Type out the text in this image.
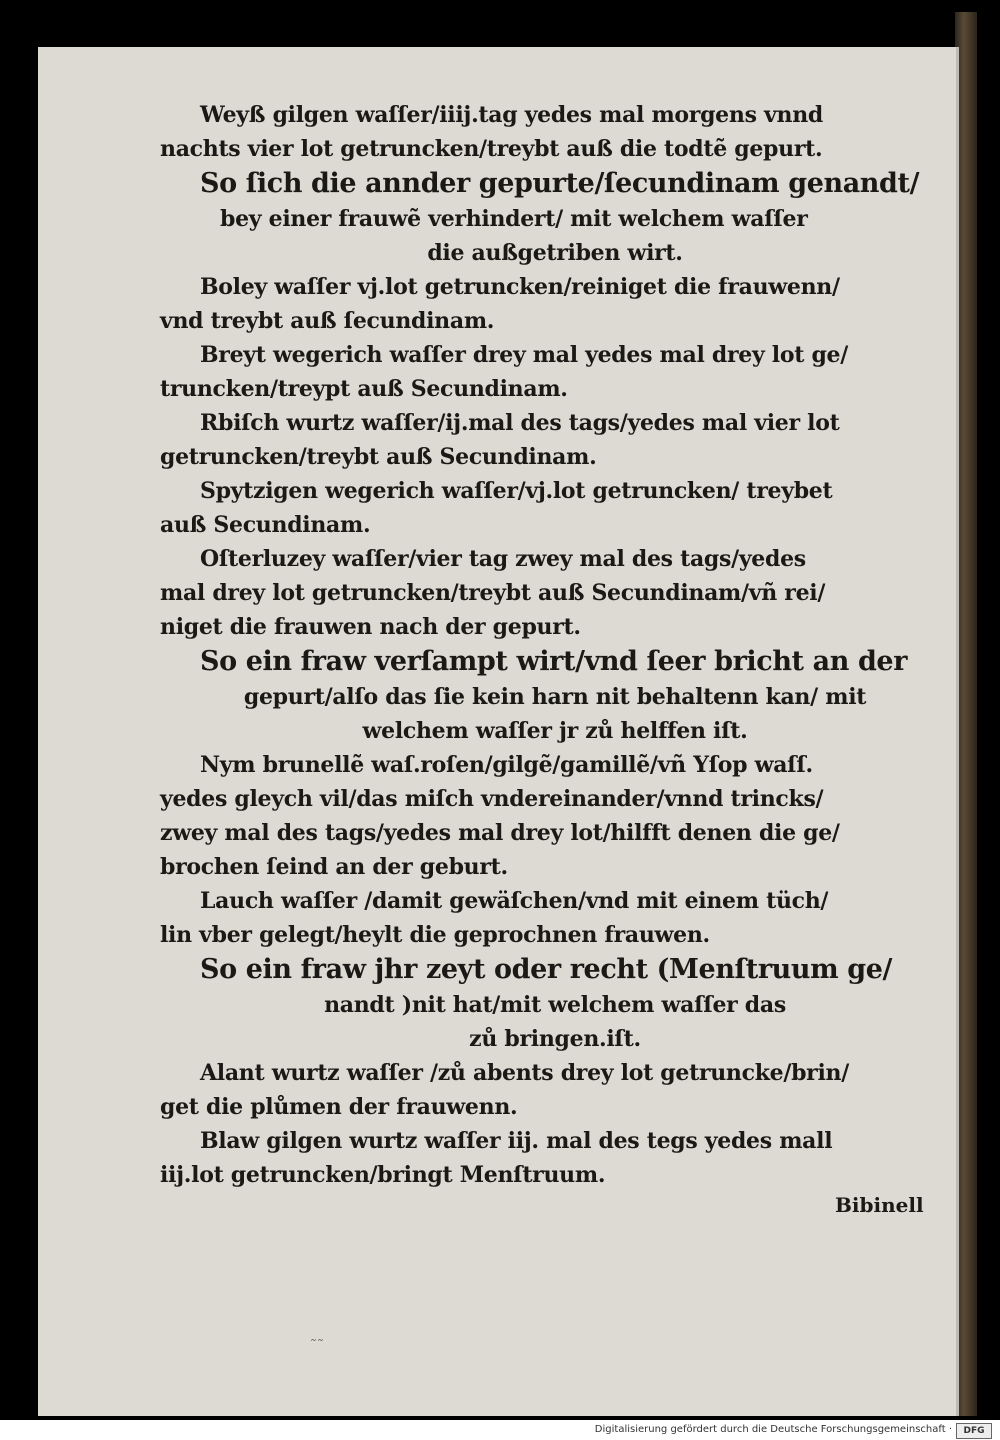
Weyß gilgen waſſer/iiij.tag yedes mal morgens vnnd
nachts vier lot getruncken/treybt auß die todtẽ gepurt.
So ſich die annder gepurte/ſecundinam genandt/
bey einer frauwẽ verhindert/ mit welchem waſſer
die außgetriben wirt.
Boley waſſer vj.lot getruncken/reiniget die frauwenn/
vnd treybt auß ſecundinam.
Breyt wegerich waſſer drey mal yedes mal drey lot ge/
truncken/treypt auß Secundinam.
Rbiſch wurtz waſſer/ij.mal des tags/yedes mal vier lot
getruncken/treybt auß Secundinam.
Spytzigen wegerich waſſer/vj.lot getruncken/ treybet
auß Secundinam.
Oſterluzey waſſer/vier tag zwey mal des tags/yedes
mal drey lot getruncken/treybt auß Secundinam/vñ rei/
niget die frauwen nach der gepurt.
So ein fraw verſampt wirt/vnd ſeer bricht an der
gepurt/alſo das ſie kein harn nit behaltenn kan/ mit
welchem waſſer jr zů helffen iſt.
Nym brunellẽ waſ.roſen/gilgẽ/gamillẽ/vñ Yſop waſſ.
yedes gleych vil/das miſch vndereinander/vnnd trincks/
zwey mal des tags/yedes mal drey lot/hilfft denen die ge/
brochen ſeind an der geburt.
Lauch waſſer /damit gewäſchen/vnd mit einem tüch/
lin vber gelegt/heylt die geprochnen frauwen.
So ein fraw jhr zeyt oder recht (Menſtruum ge/
nandt )nit hat/mit welchem waſſer das
zů bringen.iſt.
Alant wurtz waſſer /zů abents drey lot getruncke/brin/
get die plůmen der frauwenn.
Blaw gilgen wurtz waſſer iij. mal des tegs yedes mall
iij.lot getruncken/bringt Menſtruum.
Bibinell
˜˜
Digitalisierung gefördert durch die Deutsche Forschungsgemeinschaft ·	DFG
